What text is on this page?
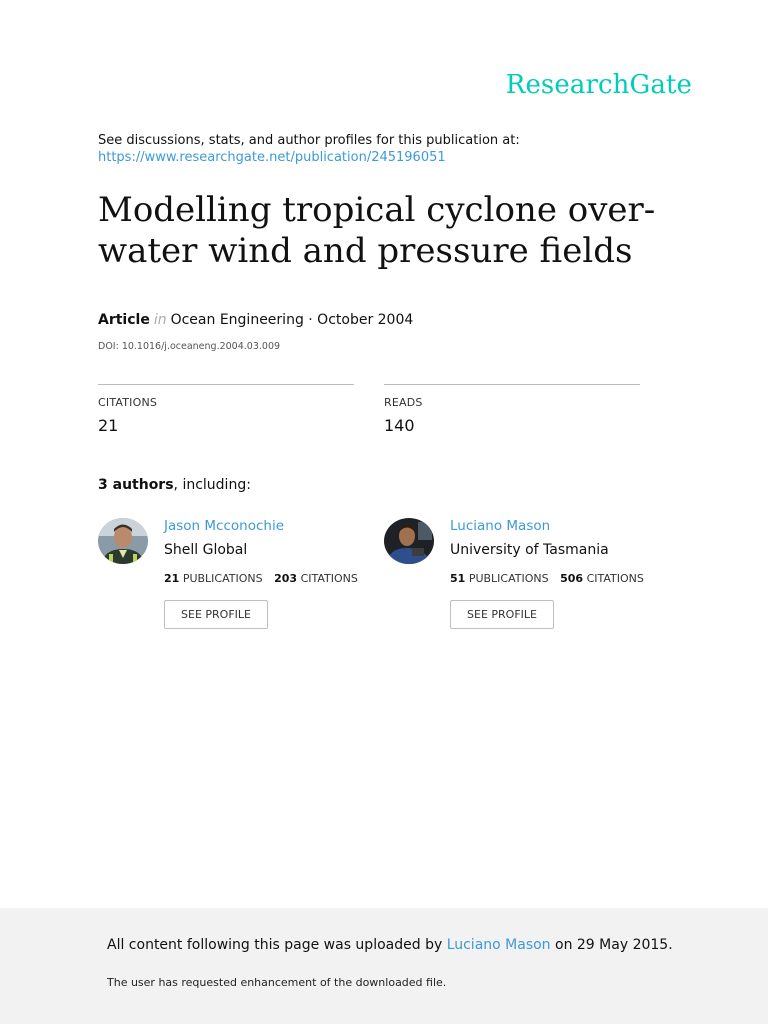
ResearchGate
See discussions, stats, and author profiles for this publication at:
https://www.researchgate.net/publication/245196051
Modelling tropical cyclone over-water wind and pressure fields
Article in Ocean Engineering · October 2004
DOI: 10.1016/j.oceaneng.2004.03.009
CITATIONS
21
READS
140
3 authors, including:
Jason Mcconochie
Shell Global
21 PUBLICATIONS 203 CITATIONS
SEE PROFILE
Luciano Mason
University of Tasmania
51 PUBLICATIONS 506 CITATIONS
SEE PROFILE
All content following this page was uploaded by Luciano Mason on 29 May 2015.
The user has requested enhancement of the downloaded file.
